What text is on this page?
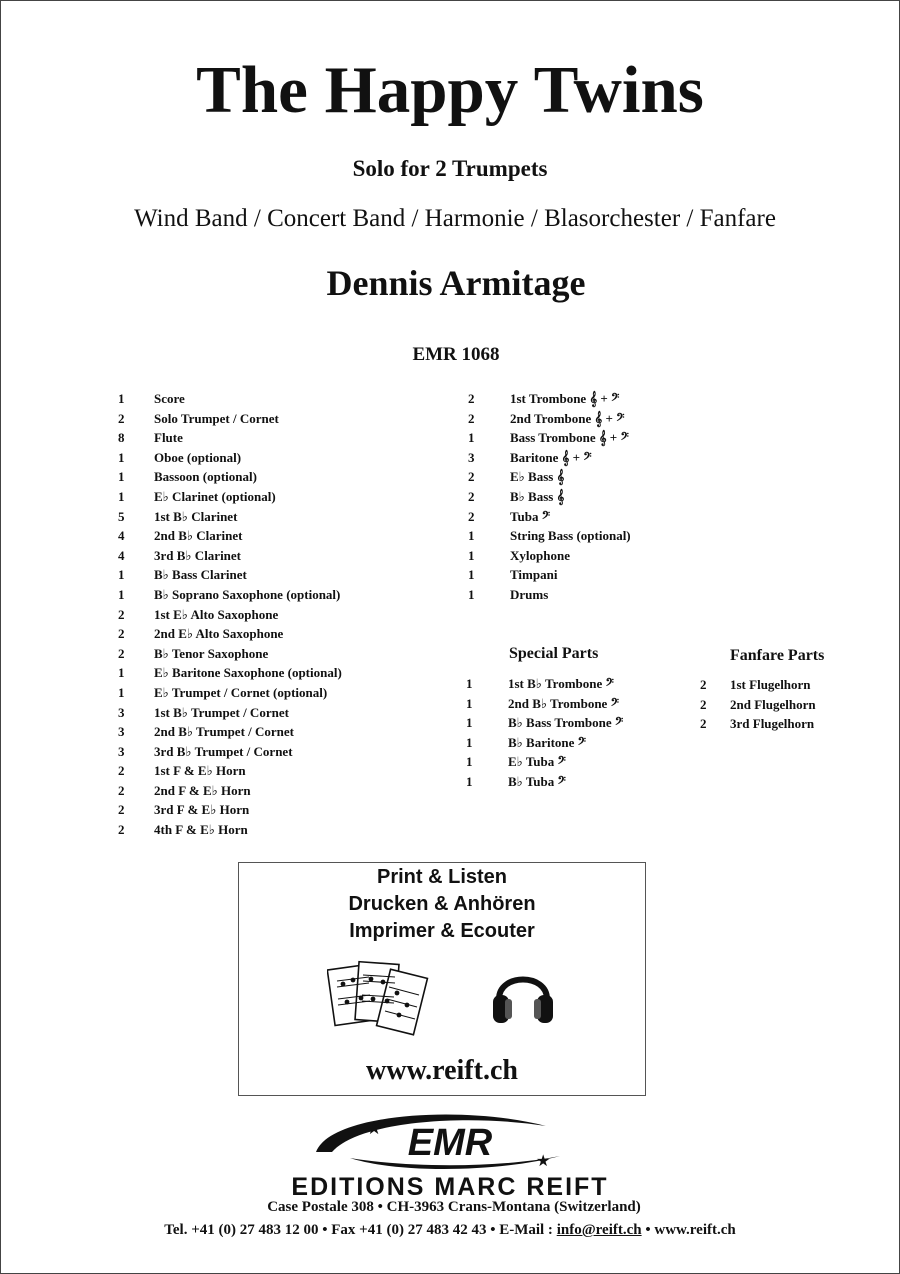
The Happy Twins
Solo for 2 Trumpets
Wind Band / Concert Band / Harmonie / Blasorchester / Fanfare
Dennis Armitage
EMR 1068
1	Score
2	Solo Trumpet / Cornet
8	Flute
1	Oboe (optional)
1	Bassoon (optional)
1	E♭ Clarinet (optional)
5	1st B♭ Clarinet
4	2nd B♭ Clarinet
4	3rd B♭ Clarinet
1	B♭ Bass Clarinet
1	B♭ Soprano Saxophone (optional)
2	1st E♭ Alto Saxophone
2	2nd E♭ Alto Saxophone
2	B♭ Tenor Saxophone
1	E♭ Baritone Saxophone (optional)
1	E♭ Trumpet / Cornet (optional)
3	1st B♭ Trumpet / Cornet
3	2nd B♭ Trumpet / Cornet
3	3rd B♭ Trumpet / Cornet
2	1st F & E♭ Horn
2	2nd F & E♭ Horn
2	3rd F & E♭ Horn
2	4th F & E♭ Horn
2	1st Trombone 𝄞 + 𝄢
2	2nd Trombone 𝄞 + 𝄢
1	Bass Trombone 𝄞 + 𝄢
3	Baritone 𝄞 + 𝄢
2	E♭ Bass 𝄞
2	B♭ Bass 𝄞
2	Tuba 𝄢
1	String Bass (optional)
1	Xylophone
1	Timpani
1	Drums
Special Parts
1	1st B♭ Trombone 𝄢
1	2nd B♭ Trombone 𝄢
1	B♭ Bass Trombone 𝄢
1	B♭ Baritone 𝄢
1	E♭ Tuba 𝄢
1	B♭ Tuba 𝄢
Fanfare Parts
2	1st Flugelhorn
2	2nd Flugelhorn
2	3rd Flugelhorn
Print & Listen
Drucken & Anhören
Imprimer & Ecouter
www.reift.ch
EMR
★
★
EDITIONS MARC REIFT
Case Postale 308 • CH-3963 Crans-Montana (Switzerland)
Tel. +41 (0) 27 483 12 00 • Fax +41 (0) 27 483 42 43 • E-Mail : info@reift.ch • www.reift.ch
